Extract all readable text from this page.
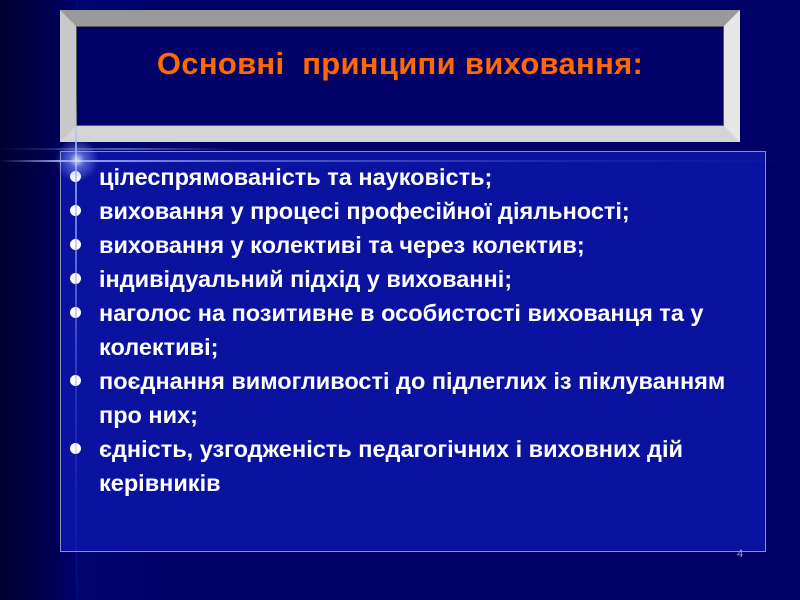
Основні  принципи виховання:
цілеспрямованість та науковість;
виховання у процесі професійної діяльності;
виховання у колективі та через колектив;
індивідуальний підхід у вихованні;
наголос на позитивне в особистості вихованця та у колективі;
поєднання вимогливості до підлеглих із піклуванням про них;
єдність, узгодженість педагогічних і виховних дій керівників
4
